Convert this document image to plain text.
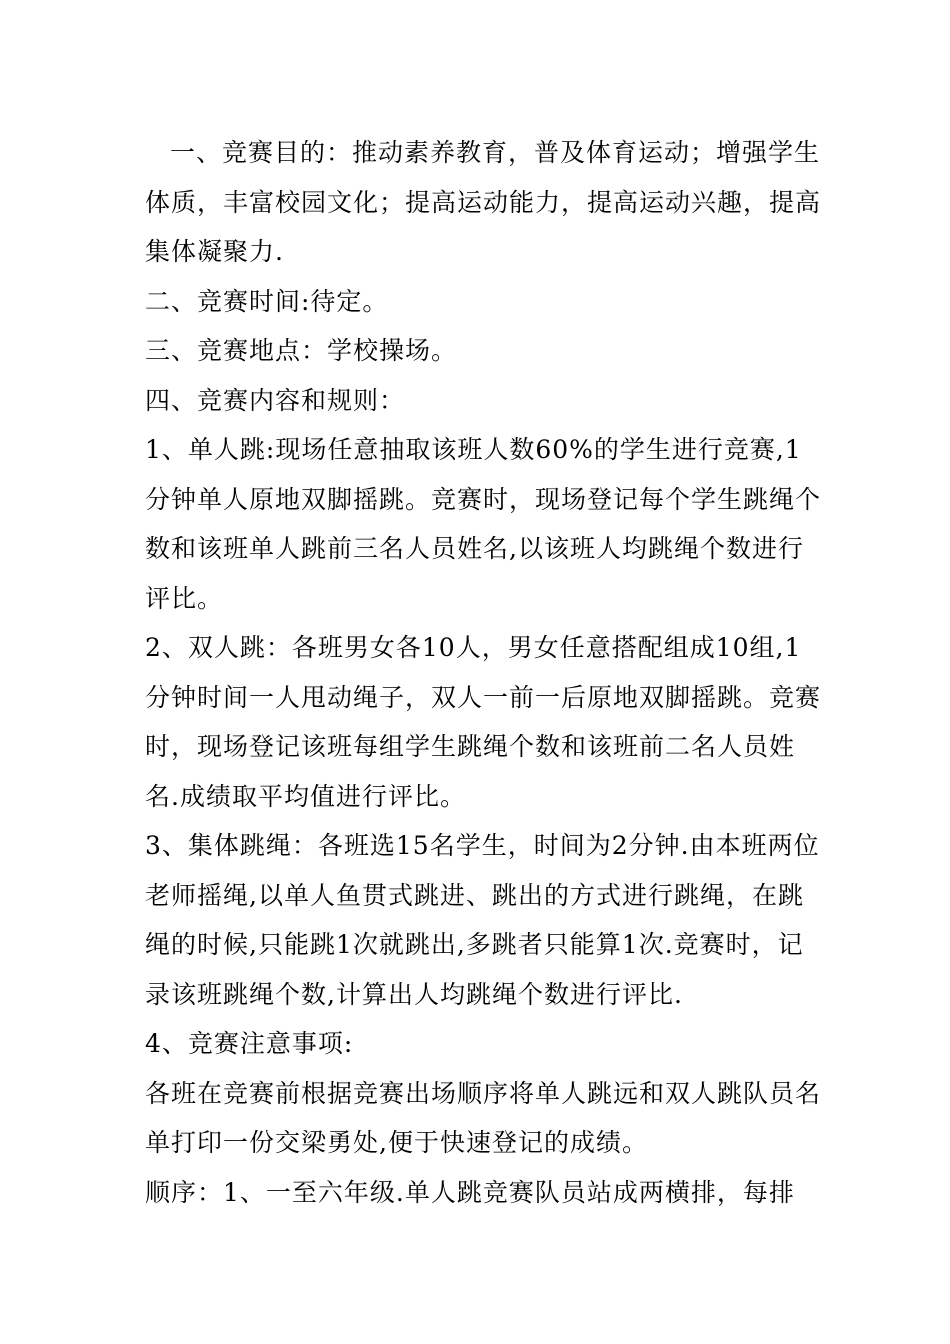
一、竞赛目的：推动素养教育，普及体育运动；增强学生体质，丰富校园文化；提高运动能力，提高运动兴趣，提高集体凝聚力.

二、竞赛时间:待定。

三、竞赛地点：学校操场。

四、竞赛内容和规则：

1、单人跳:现场任意抽取该班人数60%的学生进行竞赛,1分钟单人原地双脚摇跳。竞赛时，现场登记每个学生跳绳个数和该班单人跳前三名人员姓名,以该班人均跳绳个数进行评比。

2、双人跳：各班男女各10人，男女任意搭配组成10组,1分钟时间一人甩动绳子，双人一前一后原地双脚摇跳。竞赛时，现场登记该班每组学生跳绳个数和该班前二名人员姓名.成绩取平均值进行评比。

3、集体跳绳：各班选15名学生，时间为2分钟.由本班两位老师摇绳,以单人鱼贯式跳进、跳出的方式进行跳绳，在跳绳的时候,只能跳1次就跳出,多跳者只能算1次.竞赛时，记录该班跳绳个数,计算出人均跳绳个数进行评比.

4、竞赛注意事项:

各班在竞赛前根据竞赛出场顺序将单人跳远和双人跳队员名单打印一份交梁勇处,便于快速登记的成绩。

顺序：1、一至六年级.单人跳竞赛队员站成两横排，每排
